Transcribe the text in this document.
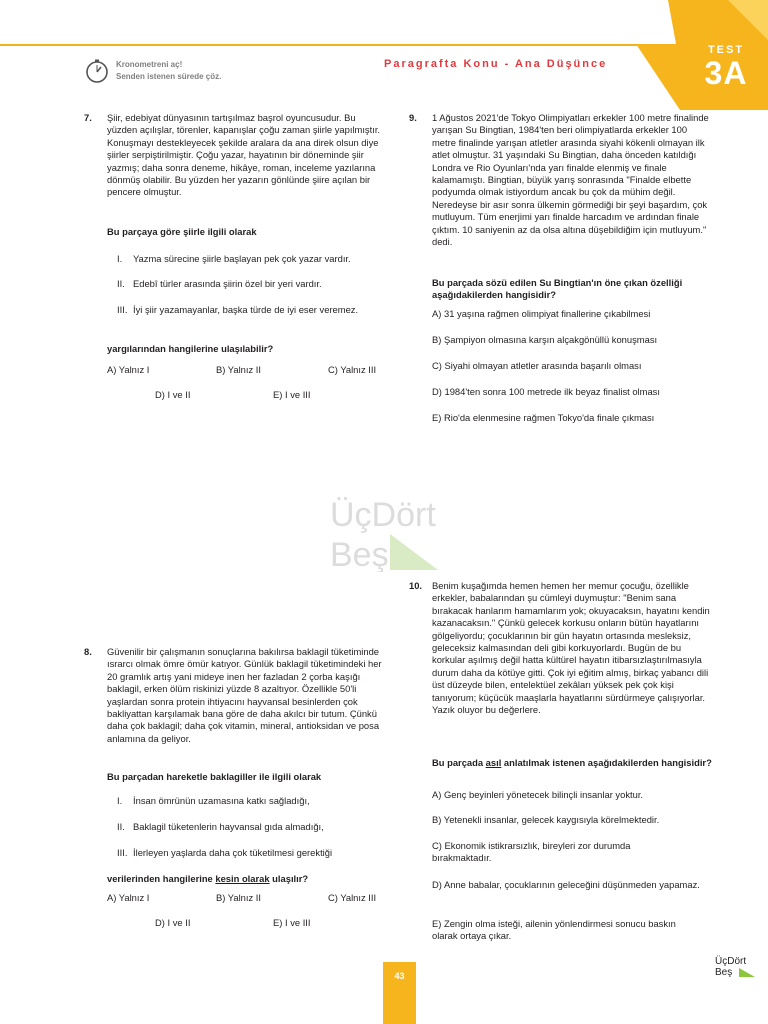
TEST
3A
Kronometreni aç!
Senden istenen sürede çöz.
Paragrafta Konu - Ana Düşünce
7. Şiir, edebiyat dünyasının tartışılmaz başrol oyuncusudur. Bu yüzden açılışlar, törenler, kapanışlar çoğu zaman şiirle yapılmıştır. Konuşmayı destekleyecek şekilde aralara da ana direk olsun diye şiirler serpiştirilmiştir. Çoğu yazar, hayatının bir döneminde şiir yazmış; daha sonra deneme, hikâye, roman, inceleme yazılarına dönmüş olabilir. Bu yüzden her yazarın gönlünde şiire açılan bir pencere olmuştur.

Bu parçaya göre şiirle ilgili olarak

I. Yazma sürecine şiirle başlayan pek çok yazar vardır.
II. Edebî türler arasında şiirin özel bir yeri vardır.
III. İyi şiir yazamayanlar, başka türde de iyi eser veremez.

yargılarından hangilerine ulaşılabilir?

A) Yalnız I	B) Yalnız II	C) Yalnız III
D) I ve II	E) I ve III
8. Güvenilir bir çalışmanın sonuçlarına bakılırsa baklagil tüketiminde ısrarcı olmak ömre ömür katıyor. Günlük baklagil tüketimindeki her 20 gramlık artış yani mideye inen her fazladan 2 çorba kaşığı baklagil, erken ölüm riskinizi yüzde 8 azaltıyor. Özellikle 50'li yaşlardan sonra protein ihtiyacını hayvansal besinlerden çok bakliyattan karşılamak bana göre de daha akılcı bir tutum. Çünkü daha çok baklagil; daha çok vitamin, mineral, antioksidan ve posa anlamına da geliyor.

Bu parçadan hareketle baklagiller ile ilgili olarak

I. İnsan ömrünün uzamasına katkı sağladığı,
II. Baklagil tüketenlerin hayvansal gıda almadığı,
III. İlerleyen yaşlarda daha çok tüketilmesi gerektiği

verilerinden hangilerine kesin olarak ulaşılır?

A) Yalnız I	B) Yalnız II	C) Yalnız III
D) I ve II	E) I ve III
9. 1 Ağustos 2021'de Tokyo Olimpiyatları erkekler 100 metre finalinde yarışan Su Bingtian, 1984'ten beri olimpiyatlarda erkekler 100 metre finalinde yarışan atletler arasında siyahi kökenli olmayan ilk atlet olmuştur. 31 yaşındaki Su Bingtian, daha önceden katıldığı Londra ve Rio Oyunları'nda yarı finalde elenmiş ve finale kalamamıştı. Bingtian, büyük yarış sonrasında "Finalde elbette podyumda olmak istiyordum ancak bu çok da mühim değil. Neredeyse bir asır sonra ülkemin görmediği bir şeyi başardım, çok mutluyum. Tüm enerjimi yarı finalde harcadım ve ardından finale çıktım. 10 saniyenin az da olsa altına düşebildiğim için mutluyum." dedi.

Bu parçada sözü edilen Su Bingtian'ın öne çıkan özelliği aşağıdakilerden hangisidir?

A) 31 yaşına rağmen olimpiyat finallerine çıkabilmesi
B) Şampiyon olmasına karşın alçakgönüllü konuşması
C) Siyahi olmayan atletler arasında başarılı olması
D) 1984'ten sonra 100 metrede ilk beyaz finalist olması
E) Rio'da elenmesine rağmen Tokyo'da finale çıkması
ÜçDört
Beş
10. Benim kuşağımda hemen hemen her memur çocuğu, özellikle erkekler, babalarından şu cümleyi duymuştur: "Benim sana bırakacak hanlarım hamamlarım yok; okuyacaksın, hayatını kendin kazanacaksın." Çünkü gelecek korkusu onların bütün hayatlarını gölgeliyordu; çocuklarının bir gün hayatın ortasında mesleksiz, geleceksiz kalmasından deli gibi korkuyorlardı. Bugün de bu korkular aşılmış değil hatta kültürel hayatın itibarsızlaştırılmasıyla durum daha da kötüye gitti. Çok iyi eğitim almış, birkaç yabancı dili üst düzeyde bilen, entelektüel zekâları yüksek pek çok kişi tanıyorum; küçücük maaşlarla hayatlarını sürdürmeye çalışıyorlar. Yazık oluyor bu değerlere.

Bu parçada asıl anlatılmak istenen aşağıdakilerden hangisidir?

A) Genç beyinleri yönetecek bilinçli insanlar yoktur.
B) Yetenekli insanlar, gelecek kaygısıyla körelmektedir.
C) Ekonomik istikrarsızlık, bireyleri zor durumda bırakmaktadır.
D) Anne babalar, çocuklarının geleceğini düşünmeden yapamaz.
E) Zengin olma isteği, ailenin yönlendirmesi sonucu baskın olarak ortaya çıkar.
43
ÜçDört
Beş
